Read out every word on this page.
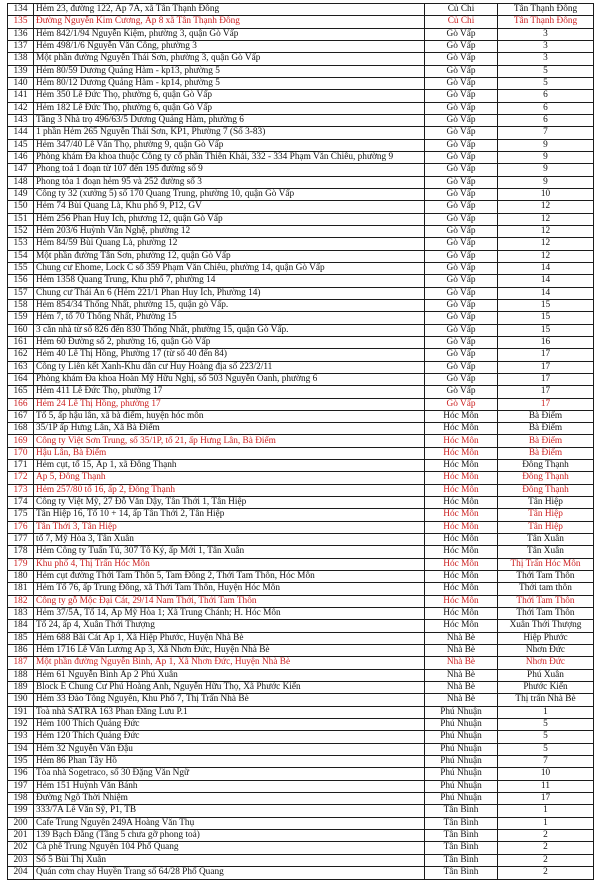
134	Hẻm 23, đường 122, Ấp 7A, xã Tân Thạnh Đông	Củ Chi	Tân Thạnh Đông
135	Đường Nguyễn Kim Cương, Ấp 8 xã Tân Thạnh Đông	Củ Chi	Tân Thạnh Đông
136	Hẻm 842/1/94 Nguyễn Kiệm, phường 3, quận Gò Vấp	Gò Vấp	3
137	Hẻm 498/1/6 Nguyễn Văn Công, phường 3	Gò Vấp	3
138	Một phần đường Nguyễn Thái Sơn, phường 3, quận Gò Vấp	Gò Vấp	3
139	Hẻm 80/59 Dương Quảng Hàm - kp13, phường 5	Gò Vấp	5
140	Hẻm 80/12 Dương Quảng Hàm - kp14, phường 5	Gò Vấp	5
141	Hẻm 350 Lê Đức Thọ, phường 6, quận Gò Vấp	Gò Vấp	6
142	Hẻm 182 Lê Đức Thọ, phường 6, quận Gò Vấp	Gò Vấp	6
143	Tầng 3 Nhà trọ 496/63/5 Dương Quảng Hàm, phường 6	Gò Vấp	6
144	1 phần Hẻm 265 Nguyễn Thái Sơn, KP1, Phường 7 (Số 3-83)	Gò Vấp	7
145	Hẻm 347/40 Lê Văn Thọ, phường 9, quận Gò Vấp	Gò Vấp	9
146	Phòng khám Đa khoa thuộc Công ty cổ phần Thiên Khải, 332 - 334 Phạm Văn Chiêu, phường 9	Gò Vấp	9
147	Phong toả 1 đoạn từ 107 đến 195 đường số 9	Gò Vấp	9
148	Phong tỏa 1 đoạn hẻm 95 và 252 đường số 3	Gò Vấp	9
149	Công ty 32 (xưởng 5) số 170 Quang Trung, phường 10, quận Gò Vấp	Gò Vấp	10
150	Hẻm 74 Bùi Quang Là, Khu phố 9, P12, GV	Gò Vấp	12
151	Hẻm 256 Phan Huy Ích, phương 12, quận Gò Vấp	Gò Vấp	12
152	Hẻm 203/6 Huỳnh Văn Nghệ, phường 12	Gò Vấp	12
153	Hẻm 84/59 Bùi Quang Là, phường 12	Gò Vấp	12
154	Một phần đường Tân Sơn, phường 12, quận Gò Vấp	Gò Vấp	12
155	Chung cư Ehome, Lock C số 359 Phạm Văn Chiêu, phường 14, quận Gò Vấp	Gò Vấp	14
156	Hẻm 1358 Quang Trung, Khu phố 7, phường 14	Gò Vấp	14
157	Chung cư Thái An 6 (Hẻm 221/1 Phan Huy Ích, Phường 14)	Gò Vấp	14
158	Hẻm 854/34 Thống Nhất, phường 15, quận gò Vấp.	Gò Vấp	15
159	Hẻm 7, tổ 70 Thống Nhất, Phường 15	Gò Vấp	15
160	3 căn nhà từ số 826 đến 830 Thống Nhất, phường 15, quận Gò Vấp.	Gò Vấp	15
161	Hẻm 60 Đường số 2, phường 16, quận Gò Vấp	Gò Vấp	16
162	Hẻm 40 Lê Thị Hồng, Phường 17 (từ số 40 đến 84)	Gò Vấp	17
163	Công ty Liên kết Xanh-Khu dân cư Huy Hoàng địa số 223/2/11	Gò Vấp	17
164	Phòng khám Đa khoa Hoàn Mỹ Hữu Nghị, số 503 Nguyễn Oanh, phường 6	Gò Vấp	17
165	Hẻm 411 Lê Đức Thọ, phường 17	Gò Vấp	17
166	Hẻm 24 Lê Thị Hồng, phường 17	Gò Vấp	17
167	Tổ 5, ấp hậu lân, xã bà điểm, huyện hóc môn	Hóc Môn	Bà Điểm
168	35/1P ấp Hưng Lân, Xã Bà Điểm	Hóc Môn	Bà Điểm
169	Công ty Việt Sơn Trung, số 35/1P, tổ 21, ấp Hưng Lân, Bà Điểm	Hóc Môn	Bà Điểm
170	Hậu Lân, Bà Điểm	Hóc Môn	Bà Điểm
171	Hẻm cụt, tổ 15, Ấp 1, xã Đông Thạnh	Hóc Môn	Đông Thạnh
172	Ấp 5, Đông Thạnh	Hóc Môn	Đông Thạnh
173	Hẻm 257/80 tổ 16, ấp 2, Đông Thạnh	Hóc Môn	Đông Thạnh
174	Công ty Việt Mỹ, 27 Đỗ Văn Dậy, Tân Thới 1, Tân Hiệp	Hóc Môn	Tân Hiệp
175	Tân Hiệp 16, Tổ 10 + 14, ấp Tân Thới 2, Tân Hiệp	Hóc Môn	Tân Hiệp
176	Tân Thới 3, Tân Hiệp	Hóc Môn	Tân Hiệp
177	tổ 7, Mỹ Hòa 3, Tân Xuân	Hóc Môn	Tân Xuân
178	Hẻm Công ty Tuấn Tú, 307 Tô Ký, ấp Mới 1, Tân Xuân	Hóc Môn	Tân Xuân
179	Khu phố 4, Thị Trấn Hóc Môn	Hóc Môn	Thị Trấn Hóc Môn
180	Hẻm cụt đường Thới Tam Thôn 5, Tam Đông 2, Thới Tam Thôn, Hóc Môn	Hóc Môn	Thới Tam Thôn
181	Hẻm Tổ 76, ấp Trung Đông, xã Thới Tam Thôn, Huyện Hóc Môn	Hóc Môn	Thới tam thôn
182	Công ty gỗ Mộc Đại Cát, 29/14 Nam Thới, Thới Tam Thôn	Hóc Môn	Thới Tam Thôn
183	Hẻm 37/5A, Tổ 14, Ấp Mỹ Hòa 1; Xã Trung Chánh; H. Hóc Môn	Hóc Môn	Thới Tam Thôn
184	Tổ 24, ấp 4, Xuân Thới Thượng	Hóc Môn	Xuân Thới Thượng
185	Hẻm 688 Bãi Cát Ấp 1, Xã Hiệp Phước, Huyện Nhà Bè	Nhà Bè	Hiệp Phước
186	Hẻm 1716 Lê Văn Lương Ấp 3, Xã Nhơn Đức, Huyện Nhà Bè	Nhà Bè	Nhơn Đức
187	Một phần đường Nguyễn Bình, Ấp 1, Xã Nhơn Đức, Huyện Nhà Bè	Nhà Bè	Nhơn Đức
188	Hẻm 61 Nguyễn Bình Ấp 2 Phú Xuân	Nhà Bè	Phú Xuân
189	Block E Chung Cư Phú Hoàng Anh, Nguyễn Hữu Thọ, Xã Phước Kiển	Nhà Bè	Phước Kiển
190	Hẻm 33 Đào Tông Nguyên, Khu Phố 7, Thị Trấn Nhà Bè	Nhà Bè	Thị trấn Nhà Bè
191	Toà nhà SATRA 163 Phan Đăng Lưu P.1	Phú Nhuận	1
192	Hẻm 100 Thích Quảng Đức	Phú Nhuận	5
193	Hẻm 120 Thích Quảng Đức	Phú Nhuận	5
194	Hẻm 32 Nguyễn Văn Đậu	Phú Nhuận	5
195	Hẻm 86 Phan Tây Hồ	Phú Nhuận	7
196	Tòa nhà Sogetraco, số 30 Đặng Văn Ngữ	Phú Nhuận	10
197	Hẻm 151 Huỳnh Văn Bánh	Phú Nhuận	11
198	Đường Ngô Thời Nhiệm	Phú Nhuận	17
199	333/7A Lê Văn Sỹ, P1, TB	Tân Bình	1
200	Cafe Trung Nguyên 249A Hoàng Văn Thụ	Tân Bình	1
201	139 Bạch Đằng (Tầng 5 chưa gỡ phong toả)	Tân Bình	2
202	Cà phê Trung Nguyên 104 Phổ Quang	Tân Bình	2
203	Số 5 Bùi Thị Xuân	Tân Bình	2
204	Quán cơm chay Huyền Trang số 64/28 Phổ Quang	Tân Bình	2
